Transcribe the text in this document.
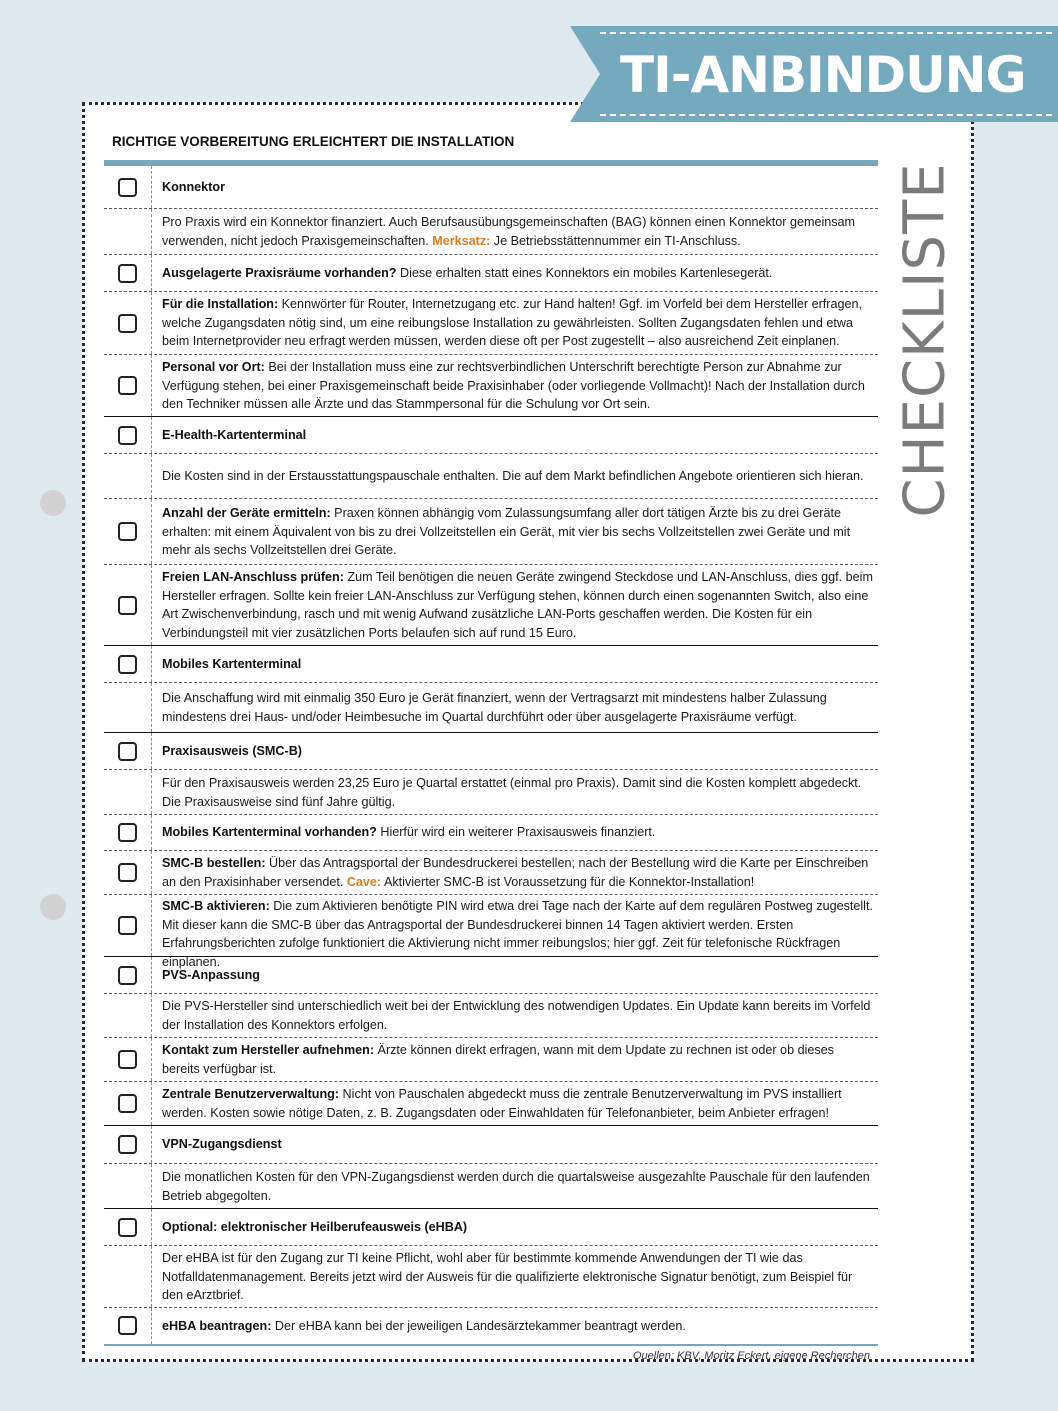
TI-ANBINDUNG
CHECKLISTE
RICHTIGE VORBEREITUNG ERLEICHTERT DIE INSTALLATION
Konnektor
Pro Praxis wird ein Konnektor finanziert. Auch Berufsausübungsgemeinschaften (BAG) können einen Konnektor gemeinsam verwenden, nicht jedoch Praxisgemeinschaften. Merksatz: Je Betriebsstättennummer ein TI-Anschluss.
Ausgelagerte Praxisräume vorhanden? Diese erhalten statt eines Konnektors ein mobiles Kartenlesegerät.
Für die Installation: Kennwörter für Router, Internetzugang etc. zur Hand halten! Ggf. im Vorfeld bei dem Hersteller erfragen, welche Zugangsdaten nötig sind, um eine reibungslose Installation zu gewährleisten. Sollten Zugangsdaten fehlen und etwa beim Internetprovider neu erfragt werden müssen, werden diese oft per Post zugestellt – also ausreichend Zeit einplanen.
Personal vor Ort: Bei der Installation muss eine zur rechtsverbindlichen Unterschrift berechtigte Person zur Abnahme zur Verfügung stehen, bei einer Praxisgemeinschaft beide Praxisinhaber (oder vorliegende Vollmacht)! Nach der Installation durch den Techniker müssen alle Ärzte und das Stammpersonal für die Schulung vor Ort sein.
E-Health-Kartenterminal
Die Kosten sind in der Erstausstattungspauschale enthalten. Die auf dem Markt befindlichen Angebote orientieren sich hieran.
Anzahl der Geräte ermitteln: Praxen können abhängig vom Zulassungsumfang aller dort tätigen Ärzte bis zu drei Geräte erhalten: mit einem Äquivalent von bis zu drei Vollzeitstellen ein Gerät, mit vier bis sechs Vollzeitstellen zwei Geräte und mit mehr als sechs Vollzeitstellen drei Geräte.
Freien LAN-Anschluss prüfen: Zum Teil benötigen die neuen Geräte zwingend Steckdose und LAN-Anschluss, dies ggf. beim Hersteller erfragen. Sollte kein freier LAN-Anschluss zur Verfügung stehen, können durch einen sogenannten Switch, also eine Art Zwischenverbindung, rasch und mit wenig Aufwand zusätzliche LAN-Ports geschaffen werden. Die Kosten für ein Verbindungsteil mit vier zusätzlichen Ports belaufen sich auf rund 15 Euro.
Mobiles Kartenterminal
Die Anschaffung wird mit einmalig 350 Euro je Gerät finanziert, wenn der Vertragsarzt mit mindestens halber Zulassung mindestens drei Haus- und/oder Heimbesuche im Quartal durchführt oder über ausgelagerte Praxisräume verfügt.
Praxisausweis (SMC-B)
Für den Praxisausweis werden 23,25 Euro je Quartal erstattet (einmal pro Praxis). Damit sind die Kosten komplett abgedeckt. Die Praxisausweise sind fünf Jahre gültig.
Mobiles Kartenterminal vorhanden? Hierfür wird ein weiterer Praxisausweis finanziert.
SMC-B bestellen: Über das Antragsportal der Bundesdruckerei bestellen; nach der Bestellung wird die Karte per Einschreiben an den Praxisinhaber versendet. Cave: Aktivierter SMC-B ist Voraussetzung für die Konnektor-Installation!
SMC-B aktivieren: Die zum Aktivieren benötigte PIN wird etwa drei Tage nach der Karte auf dem regulären Postweg zugestellt. Mit dieser kann die SMC-B über das Antragsportal der Bundesdruckerei binnen 14 Tagen aktiviert werden. Ersten Erfahrungsberichten zufolge funktioniert die Aktivierung nicht immer reibungslos; hier ggf. Zeit für telefonische Rückfragen einplanen.
PVS-Anpassung
Die PVS-Hersteller sind unterschiedlich weit bei der Entwicklung des notwendigen Updates. Ein Update kann bereits im Vorfeld der Installation des Konnektors erfolgen.
Kontakt zum Hersteller aufnehmen: Ärzte können direkt erfragen, wann mit dem Update zu rechnen ist oder ob dieses bereits verfügbar ist.
Zentrale Benutzerverwaltung: Nicht von Pauschalen abgedeckt muss die zentrale Benutzerverwaltung im PVS installiert werden. Kosten sowie nötige Daten, z. B. Zugangsdaten oder Einwahldaten für Telefonanbieter, beim Anbieter erfragen!
VPN-Zugangsdienst
Die monatlichen Kosten für den VPN-Zugangsdienst werden durch die quartalsweise ausgezahlte Pauschale für den laufenden Betrieb abgegolten.
Optional: elektronischer Heilberufeausweis (eHBA)
Der eHBA ist für den Zugang zur TI keine Pflicht, wohl aber für bestimmte kommende Anwendungen der TI wie das Notfalldatenmanagement. Bereits jetzt wird der Ausweis für die qualifizierte elektronische Signatur benötigt, zum Beispiel für den eArztbrief.
eHBA beantragen: Der eHBA kann bei der jeweiligen Landesärztekammer beantragt werden.
Quellen: KBV, Moritz Eckert, eigene Recherchen
